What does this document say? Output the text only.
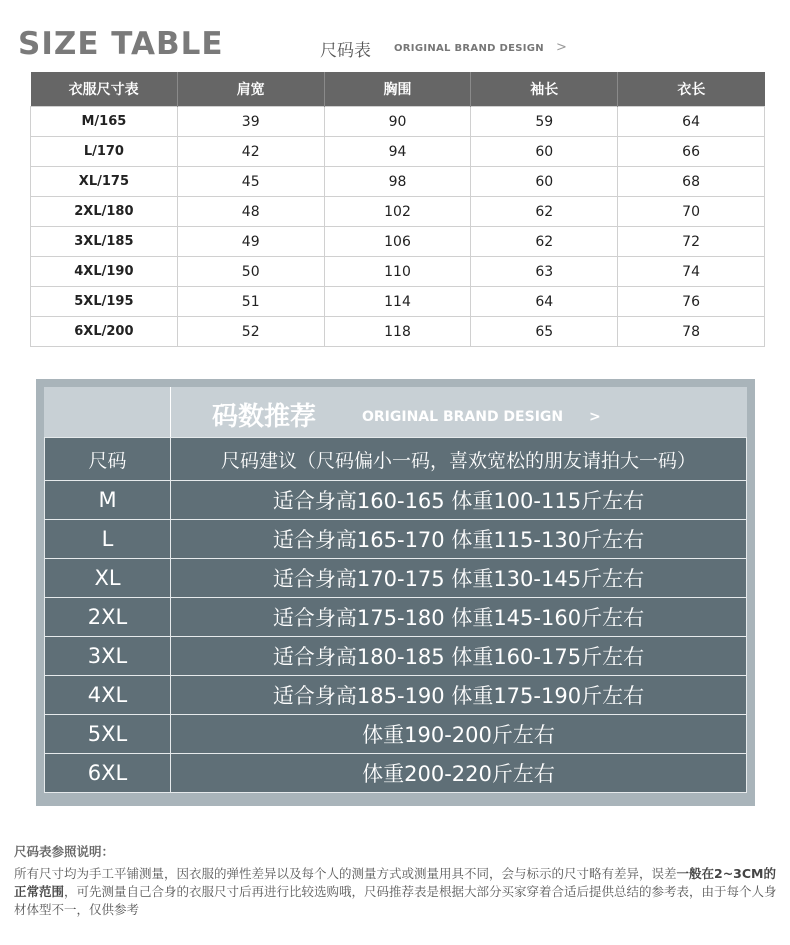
SIZE TABLE	尺码表 ORIGINAL BRAND DESIGN >
衣服尺寸表	肩宽	胸围	袖长	衣长
M/165	39	90	59	64
L/170	42	94	60	66
XL/175	45	98	60	68
2XL/180	48	102	62	70
3XL/185	49	106	62	72
4XL/190	50	110	63	74
5XL/195	51	114	64	76
6XL/200	52	118	65	78
码数推荐	ORIGINAL BRAND DESIGN >
尺码	尺码建议（尺码偏小一码，喜欢宽松的朋友请拍大一码）
M	适合身高160-165 体重100-115斤左右
L	适合身高165-170 体重115-130斤左右
XL	适合身高170-175 体重130-145斤左右
2XL	适合身高175-180 体重145-160斤左右
3XL	适合身高180-185 体重160-175斤左右
4XL	适合身高185-190 体重175-190斤左右
5XL	体重190-200斤左右
6XL	体重200-220斤左右
尺码表参照说明：
所有尺寸均为手工平铺测量，因衣服的弹性差异以及每个人的测量方式或测量用具不同，会与标示的尺寸略有差异，误差一般在2~3CM的正常范围，可先测量自己合身的衣服尺寸后再进行比较选购哦，尺码推荐表是根据大部分买家穿着合适后提供总结的参考表，由于每个人身材体型不一，仅供参考
